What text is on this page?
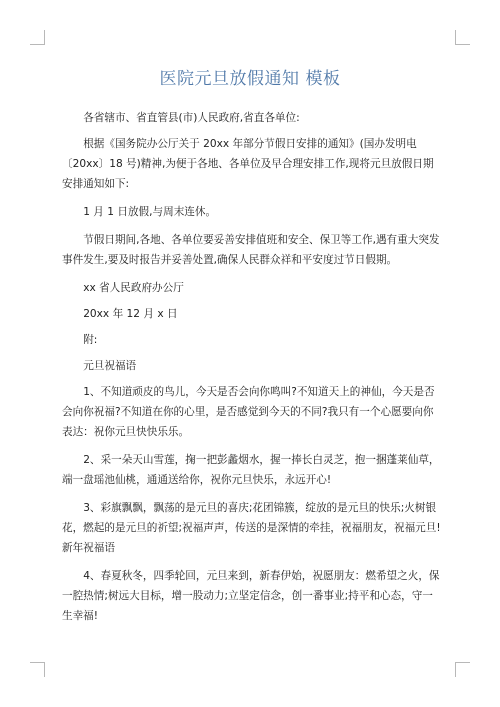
医院元旦放假通知 模板

各省辖市、省直管县(市)人民政府,省直各单位:

根据《国务院办公厅关于 20xx 年部分节假日安排的通知》(国办发明电〔20xx〕18 号)精神,为便于各地、各单位及早合理安排工作,现将元旦放假日期安排通知如下:

1 月 1 日放假,与周末连休。

节假日期间,各地、各单位要妥善安排值班和安全、保卫等工作,遇有重大突发事件发生,要及时报告并妥善处置,确保人民群众祥和平安度过节日假期。

xx 省人民政府办公厅

20xx 年 12 月 x 日

附:

元旦祝福语

1、不知道顽皮的鸟儿，今天是否会向你鸣叫?不知道天上的神仙，今天是否会向你祝福?不知道在你的心里，是否感觉到今天的不同?我只有一个心愿要向你表达：祝你元旦快快乐乐。

2、采一朵天山雪莲，掬一把彭蠡烟水，握一捧长白灵芝，抱一捆蓬莱仙草，端一盘瑶池仙桃，通通送给你，祝你元旦快乐，永远开心!

3、彩旗飘飘，飘荡的是元旦的喜庆;花团锦簇，绽放的是元旦的快乐;火树银花，燃起的是元旦的祈望;祝福声声，传送的是深情的牵挂，祝福朋友，祝福元旦!新年祝福语

4、春夏秋冬，四季轮回，元旦来到，新春伊始，祝愿朋友：燃希望之火，保一腔热情;树远大目标，增一股动力;立坚定信念，创一番事业;持平和心态，守一生幸福!
